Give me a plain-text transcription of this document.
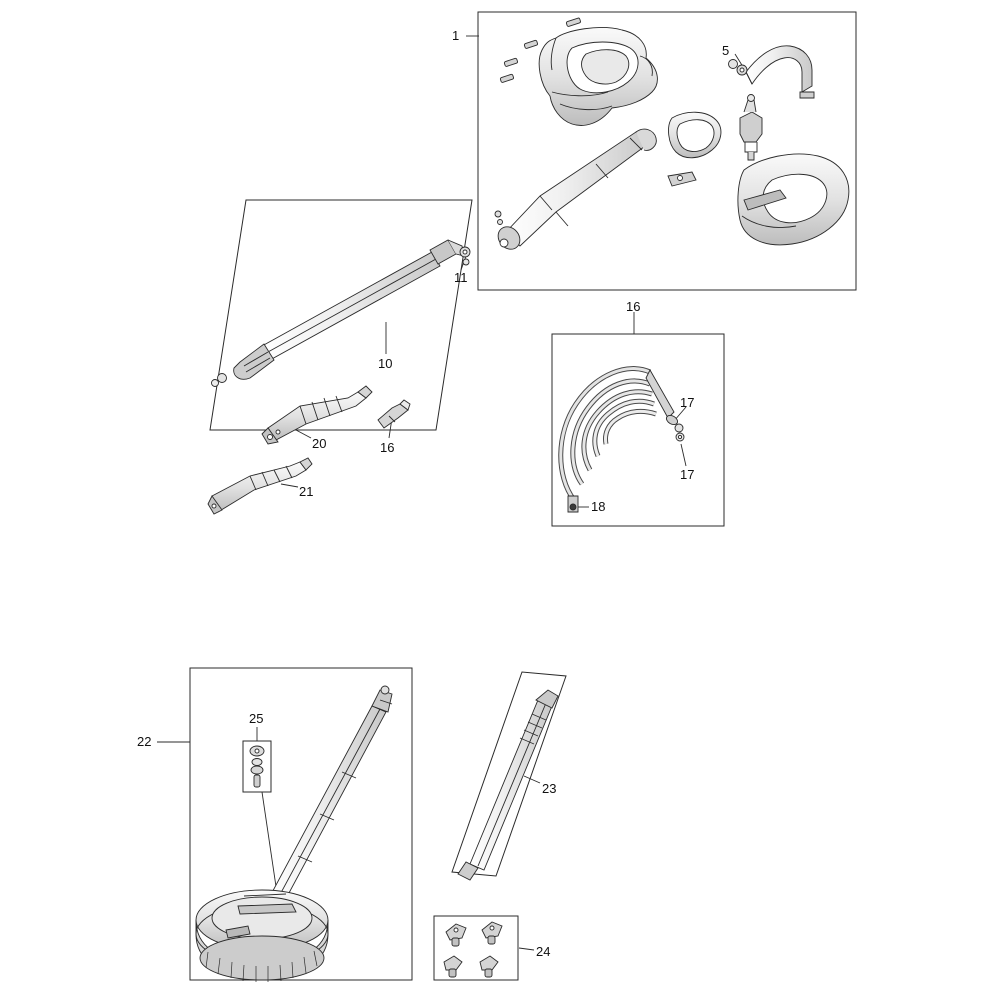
1
5
10
11
16
16
17
17
18
20
21
22
23
24
25
